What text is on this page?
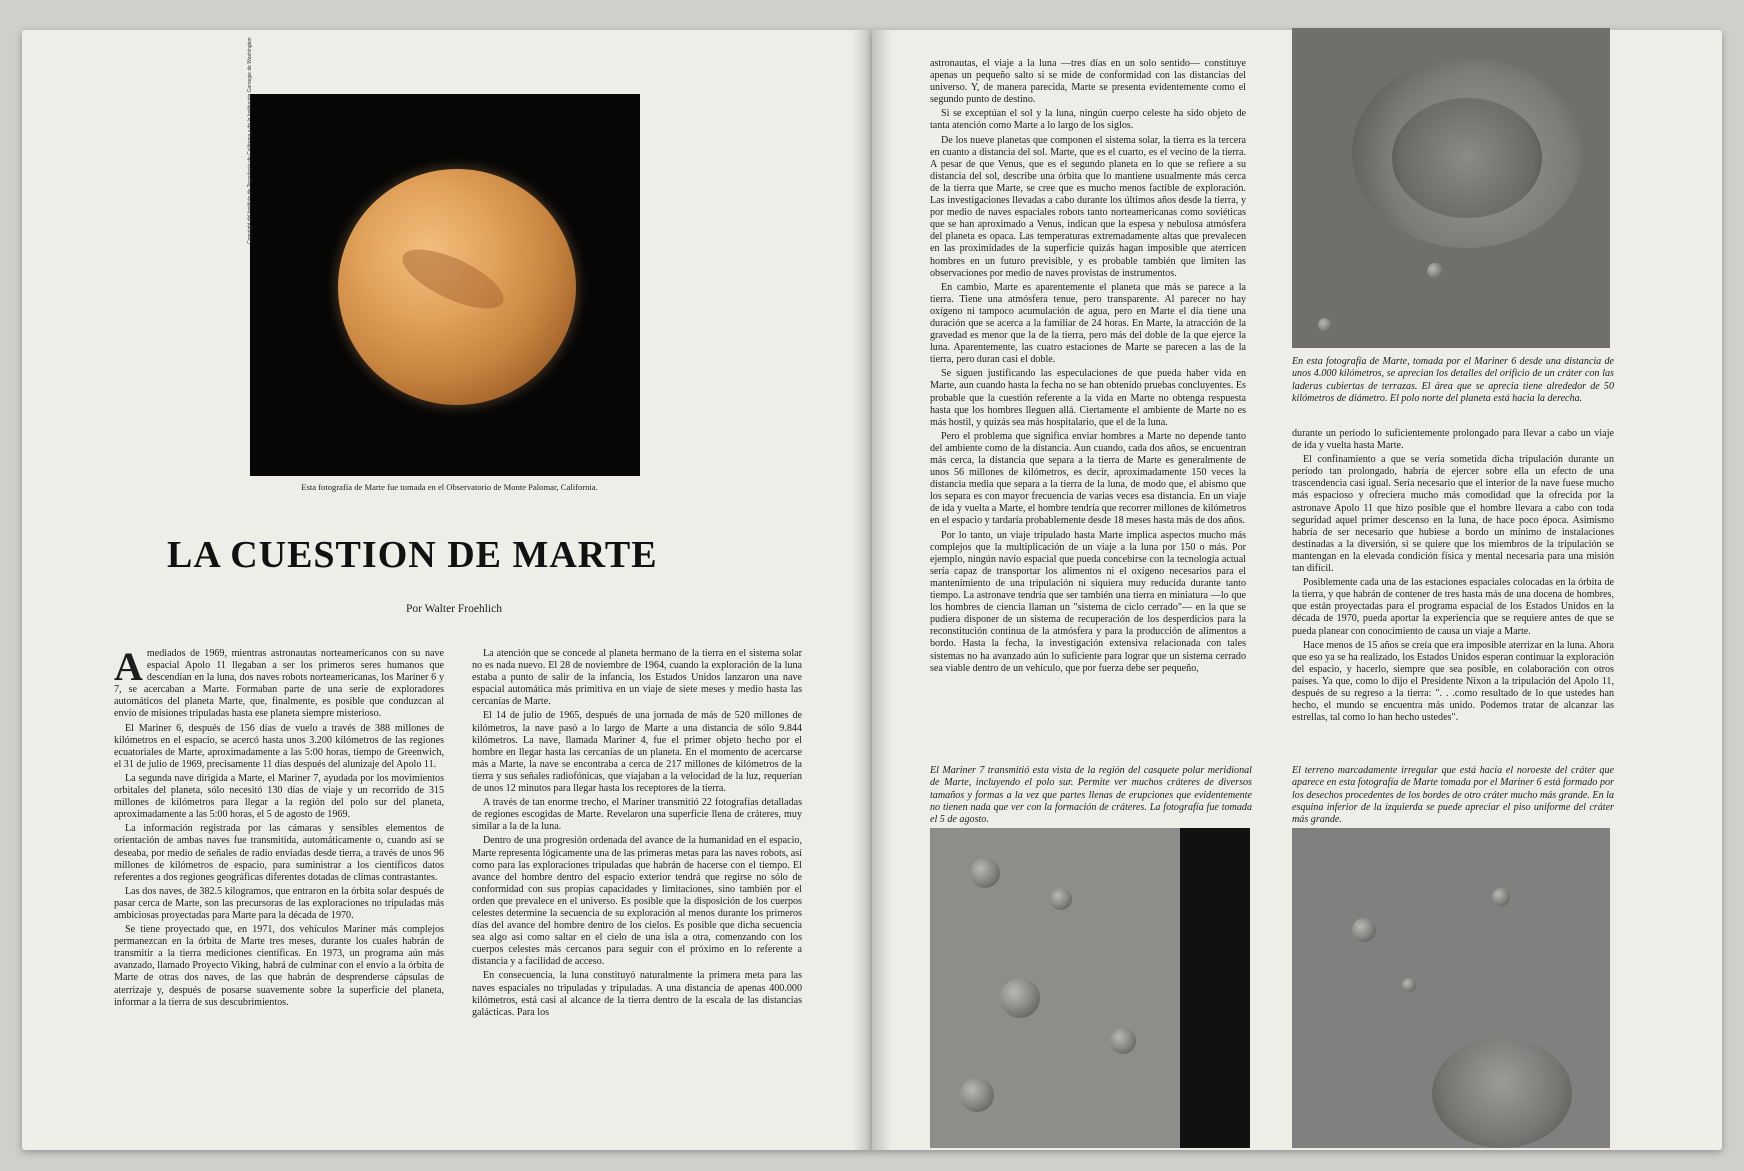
Copyright del Instituto de Tecnología de California y de la Institución Carnegie de Washington
Esta fotografía de Marte fue tomada en el Observatorio de Monte Palomar, California.
LA CUESTION DE MARTE
Por Walter Froehlich

Amediados de 1969, mientras astronautas norteamericanos con su nave espacial Apolo 11 llegaban a ser los primeros seres humanos que descendían en la luna, dos naves robots norteamericanas, los Mariner 6 y 7, se acercaban a Marte. Formaban parte de una serie de exploradores automáticos del planeta Marte, que, finalmente, es posible que conduzcan al envío de misiones tripuladas hasta ese planeta siempre misterioso.

El Mariner 6, después de 156 días de vuelo a través de 388 millones de kilómetros en el espacio, se acercó hasta unos 3.200 kilómetros de las regiones ecuatoriales de Marte, aproximadamente a las 5:00 horas, tiempo de Greenwich, el 31 de julio de 1969, precisamente 11 días después del alunizaje del Apolo 11.

La segunda nave dirigida a Marte, el Mariner 7, ayudada por los movimientos orbitales del planeta, sólo necesitó 130 días de viaje y un recorrido de 315 millones de kilómetros para llegar a la región del polo sur del planeta, aproximadamente a las 5:00 horas, el 5 de agosto de 1969.

La información registrada por las cámaras y sensibles elementos de orientación de ambas naves fue transmitida, automáticamente o, cuando así se deseaba, por medio de señales de radio enviadas desde tierra, a través de unos 96 millones de kilómetros de espacio, para suministrar a los científicos datos referentes a dos regiones geográficas diferentes dotadas de climas contrastantes.

Las dos naves, de 382.5 kilogramos, que entraron en la órbita solar después de pasar cerca de Marte, son las precursoras de las exploraciones no tripuladas más ambiciosas proyectadas para Marte para la década de 1970.

Se tiene proyectado que, en 1971, dos vehículos Mariner más complejos permanezcan en la órbita de Marte tres meses, durante los cuales habrán de transmitir a la tierra mediciones científicas. En 1973, un programa aún más avanzado, llamado Proyecto Viking, habrá de culminar con el envío a la órbita de Marte de otras dos naves, de las que habrán de desprenderse cápsulas de aterrizaje y, después de posarse suavemente sobre la superficie del planeta, informar a la tierra de sus descubrimientos.

La atención que se concede al planeta hermano de la tierra en el sistema solar no es nada nuevo. El 28 de noviembre de 1964, cuando la exploración de la luna estaba a punto de salir de la infancia, los Estados Unidos lanzaron una nave espacial automática más primitiva en un viaje de siete meses y medio hasta las cercanías de Marte.

El 14 de julio de 1965, después de una jornada de más de 520 millones de kilómetros, la nave pasó a lo largo de Marte a una distancia de sólo 9.844 kilómetros. La nave, llamada Mariner 4, fue el primer objeto hecho por el hombre en llegar hasta las cercanías de un planeta. En el momento de acercarse más a Marte, la nave se encontraba a cerca de 217 millones de kilómetros de la tierra y sus señales radiofónicas, que viajaban a la velocidad de la luz, requerían de unos 12 minutos para llegar hasta los receptores de la tierra.

A través de tan enorme trecho, el Mariner transmitió 22 fotografías detalladas de regiones escogidas de Marte. Revelaron una superficie llena de cráteres, muy similar a la de la luna.

Dentro de una progresión ordenada del avance de la humanidad en el espacio, Marte representa lógicamente una de las primeras metas para las naves robots, así como para las exploraciones tripuladas que habrán de hacerse con el tiempo. El avance del hombre dentro del espacio exterior tendrá que regirse no sólo de conformidad con sus propias capacidades y limitaciones, sino también por el orden que prevalece en el universo. Es posible que la disposición de los cuerpos celestes determine la secuencia de su exploración al menos durante los primeros días del avance del hombre dentro de los cielos. Es posible que dicha secuencia sea algo así como saltar en el cielo de una isla a otra, comenzando con los cuerpos celestes más cercanos para seguir con el próximo en lo referente a distancia y a facilidad de acceso.

En consecuencia, la luna constituyó naturalmente la primera meta para las naves espaciales no tripuladas y tripuladas. A una distancia de apenas 400.000 kilómetros, está casi al alcance de la tierra dentro de la escala de las distancias galácticas. Para los

astronautas, el viaje a la luna —tres días en un solo sentido— constituye apenas un pequeño salto si se mide de conformidad con las distancias del universo. Y, de manera parecida, Marte se presenta evidentemente como el segundo punto de destino.

Si se exceptúan el sol y la luna, ningún cuerpo celeste ha sido objeto de tanta atención como Marte a lo largo de los siglos.

De los nueve planetas que componen el sistema solar, la tierra es la tercera en cuanto a distancia del sol. Marte, que es el cuarto, es el vecino de la tierra. A pesar de que Venus, que es el segundo planeta en lo que se refiere a su distancia del sol, describe una órbita que lo mantiene usualmente más cerca de la tierra que Marte, se cree que es mucho menos factible de exploración. Las investigaciones llevadas a cabo durante los últimos años desde la tierra, y por medio de naves espaciales robots tanto norteamericanas como soviéticas que se han aproximado a Venus, indican que la espesa y nebulosa atmósfera del planeta es opaca. Las temperaturas extremadamente altas que prevalecen en las proximidades de la superficie quizás hagan imposible que aterricen hombres en un futuro previsible, y es probable también que limiten las observaciones por medio de naves provistas de instrumentos.

En cambio, Marte es aparentemente el planeta que más se parece a la tierra. Tiene una atmósfera tenue, pero transparente. Al parecer no hay oxígeno ni tampoco acumulación de agua, pero en Marte el día tiene una duración que se acerca a la familiar de 24 horas. En Marte, la atracción de la gravedad es menor que la de la tierra, pero más del doble de la que ejerce la luna. Aparentemente, las cuatro estaciones de Marte se parecen a las de la tierra, pero duran casi el doble.

Se siguen justificando las especulaciones de que pueda haber vida en Marte, aun cuando hasta la fecha no se han obtenido pruebas concluyentes. Es probable que la cuestión referente a la vida en Marte no obtenga respuesta hasta que los hombres lleguen allá. Ciertamente el ambiente de Marte no es más hostil, y quizás sea más hospitalario, que el de la luna.

Pero el problema que significa enviar hombres a Marte no depende tanto del ambiente como de la distancia. Aun cuando, cada dos años, se encuentran más cerca, la distancia que separa a la tierra de Marte es generalmente de unos 56 millones de kilómetros, es decir, aproximadamente 150 veces la distancia media que separa a la tierra de la luna, de modo que, el abismo que los separa es con mayor frecuencia de varias veces esa distancia. En un viaje de ida y vuelta a Marte, el hombre tendría que recorrer millones de kilómetros en el espacio y tardaría probablemente desde 18 meses hasta más de dos años.

Por lo tanto, un viaje tripulado hasta Marte implica aspectos mucho más complejos que la multiplicación de un viaje a la luna por 150 o más. Por ejemplo, ningún navío espacial que pueda concebirse con la tecnología actual sería capaz de transportar los alimentos ni el oxígeno necesarios para el mantenimiento de una tripulación ni siquiera muy reducida durante tanto tiempo. La astronave tendría que ser también una tierra en miniatura —lo que los hombres de ciencia llaman un "sistema de ciclo cerrado"— en la que se pudiera disponer de un sistema de recuperación de los desperdicios para la reconstitución continua de la atmósfera y para la producción de alimentos a bordo. Hasta la fecha, la investigación extensiva relacionada con tales sistemas no ha avanzado aún lo suficiente para lograr que un sistema cerrado sea viable dentro de un vehículo, que por fuerza debe ser pequeño,

En esta fotografía de Marte, tomada por el Mariner 6 desde una distancia de unos 4.000 kilómetros, se aprecian los detalles del orificio de un cráter con las laderas cubiertas de terrazas. El área que se aprecia tiene alrededor de 50 kilómetros de diámetro. El polo norte del planeta está hacia la derecha.

durante un período lo suficientemente prolongado para llevar a cabo un viaje de ida y vuelta hasta Marte.

El confinamiento a que se vería sometida dicha tripulación durante un período tan prolongado, habría de ejercer sobre ella un efecto de una trascendencia casi igual. Sería necesario que el interior de la nave fuese mucho más espacioso y ofreciera mucho más comodidad que la ofrecida por la astronave Apolo 11 que hizo posible que el hombre llevara a cabo con toda seguridad aquel primer descenso en la luna, de hace poco época. Asimismo habría de ser necesario que hubiese a bordo un mínimo de instalaciones destinadas a la diversión, si se quiere que los miembros de la tripulación se mantengan en la elevada condición física y mental necesaria para una misión tan difícil.

Posiblemente cada una de las estaciones espaciales colocadas en la órbita de la tierra, y que habrán de contener de tres hasta más de una docena de hombres, que están proyectadas para el programa espacial de los Estados Unidos en la década de 1970, pueda aportar la experiencia que se requiere antes de que se pueda planear con conocimiento de causa un viaje a Marte.

Hace menos de 15 años se creía que era imposible aterrizar en la luna. Ahora que eso ya se ha realizado, los Estados Unidos esperan continuar la exploración del espacio, y hacerlo, siempre que sea posible, en colaboración con otros países. Ya que, como lo dijo el Presidente Nixon a la tripulación del Apolo 11, después de su regreso a la tierra: ". . .como resultado de lo que ustedes han hecho, el mundo se encuentra más unido. Podemos tratar de alcanzar las estrellas, tal como lo han hecho ustedes".

El Mariner 7 transmitió esta vista de la región del casquete polar meridional de Marte, incluyendo el polo sur. Permite ver muchos cráteres de diversos tamaños y formas a la vez que partes llenas de erupciones que evidentemente no tienen nada que ver con la formación de cráteres. La fotografía fue tomada el 5 de agosto.
El terreno marcadamente irregular que está hacia el noroeste del cráter que aparece en esta fotografía de Marte tomada por el Mariner 6 está formado por los desechos procedentes de los bordes de otro cráter mucho más grande. En la esquina inferior de la izquierda se puede apreciar el piso uniforme del cráter más grande.
